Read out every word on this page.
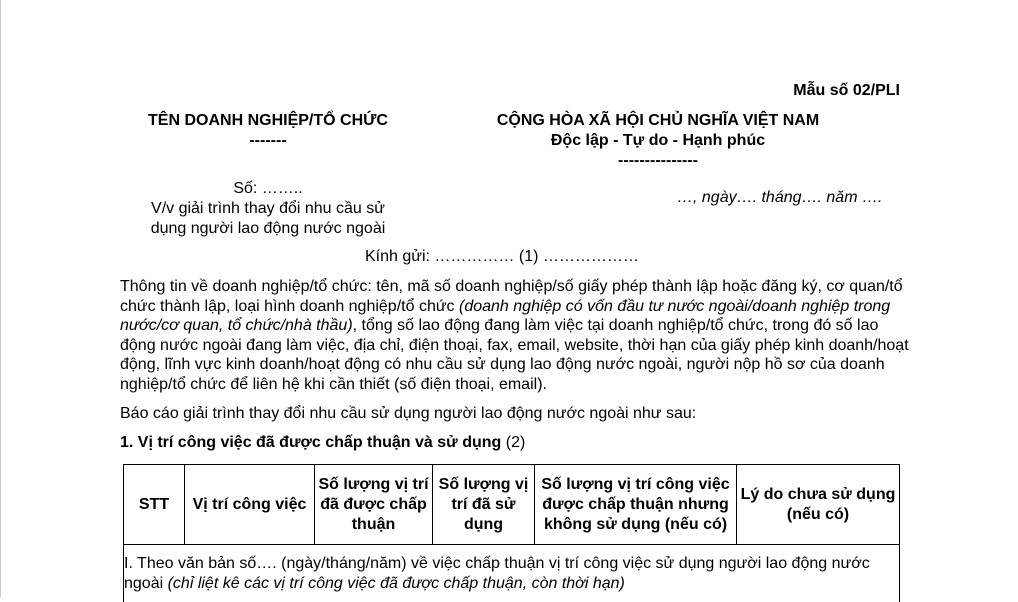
Mẫu số 02/PLI
TÊN DOANH NGHIỆP/TỔ CHỨC
-------
Số: ……..
V/v giải trình thay đổi nhu cầu sử
dụng người lao động nước ngoài
CỘNG HÒA XÃ HỘI CHỦ NGHĨA VIỆT NAM
Độc lập - Tự do - Hạnh phúc
---------------
…, ngày…. tháng…. năm ….
Kính gửi: …………… (1) ………………
Thông tin về doanh nghiệp/tổ chức: tên, mã số doanh nghiệp/số giấy phép thành lập hoặc đăng ký, cơ quan/tổ chức thành lập, loại hình doanh nghiệp/tổ chức (doanh nghiệp có vốn đầu tư nước ngoài/doanh nghiệp trong nước/cơ quan, tổ chức/nhà thầu), tổng số lao động đang làm việc tại doanh nghiệp/tổ chức, trong đó số lao động nước ngoài đang làm việc, địa chỉ, điện thoại, fax, email, website, thời hạn của giấy phép kinh doanh/hoạt động, lĩnh vực kinh doanh/hoạt động có nhu cầu sử dụng lao động nước ngoài, người nộp hồ sơ của doanh nghiệp/tổ chức để liên hệ khi cần thiết (số điện thoại, email).
Báo cáo giải trình thay đổi nhu cầu sử dụng người lao động nước ngoài như sau:
1. Vị trí công việc đã được chấp thuận và sử dụng (2)
STT	Vị trí công việc	Số lượng vị trí đã được chấp thuận	Số lượng vị trí đã sử dụng	Số lượng vị trí công việc được chấp thuận nhưng không sử dụng (nếu có)	Lý do chưa sử dụng (nếu có)
I. Theo văn bản số…. (ngày/tháng/năm) về việc chấp thuận vị trí công việc sử dụng người lao động nước ngoài (chỉ liệt kê các vị trí công việc đã được chấp thuận, còn thời hạn)
